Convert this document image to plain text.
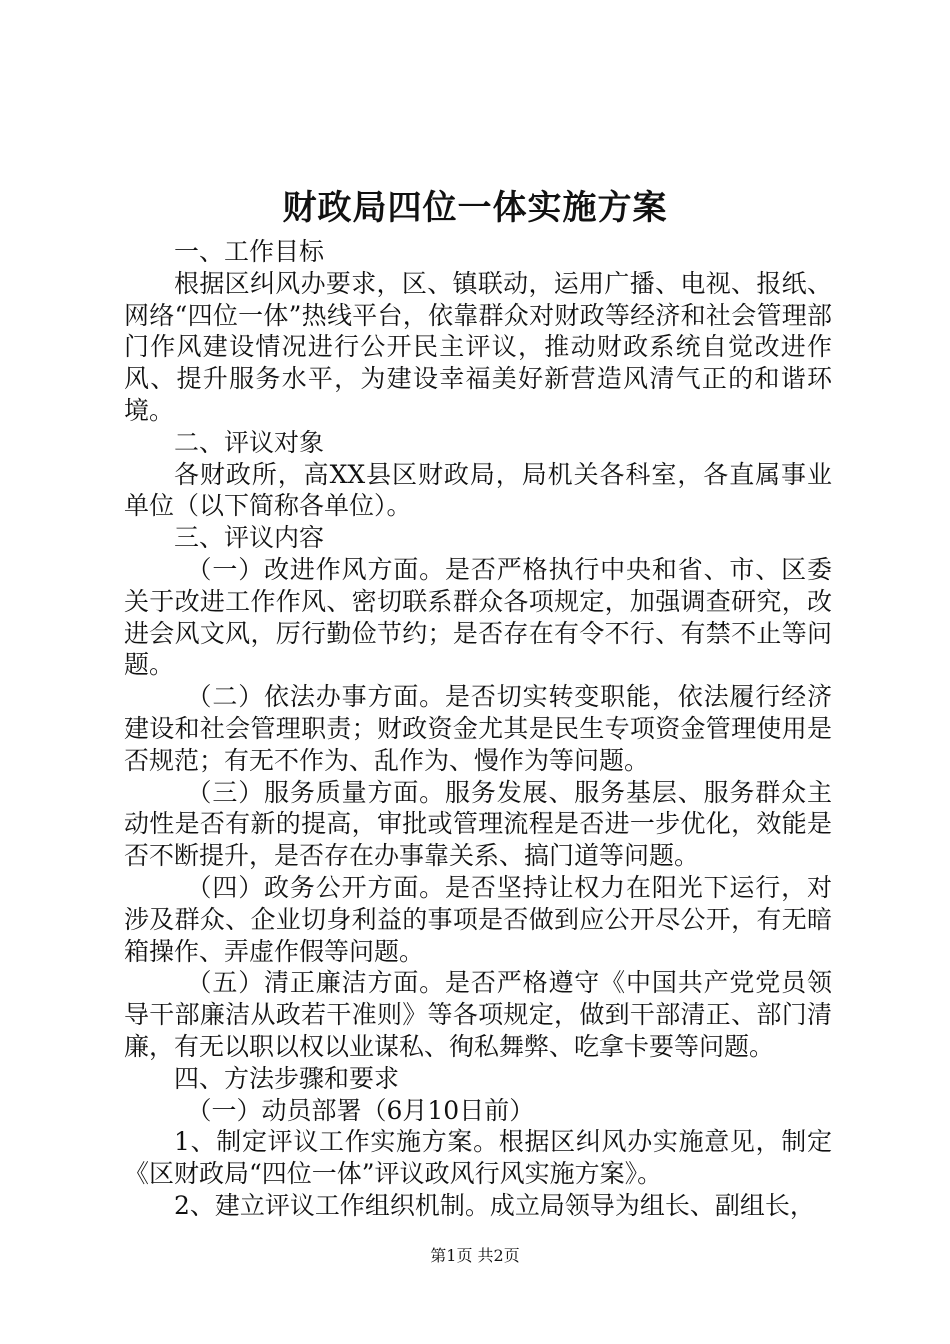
财政局四位一体实施方案

一、工作目标

根据区纠风办要求，区、镇联动，运用广播、电视、报纸、网络“四位一体”热线平台，依靠群众对财政等经济和社会管理部门作风建设情况进行公开民主评议，推动财政系统自觉改进作风、提升服务水平，为建设幸福美好新营造风清气正的和谐环境。

二、评议对象

各财政所，高XX县区财政局，局机关各科室，各直属事业单位（以下简称各单位）。

三、评议内容

（一）改进作风方面。是否严格执行中央和省、市、区委关于改进工作作风、密切联系群众各项规定，加强调查研究，改进会风文风，厉行勤俭节约；是否存在有令不行、有禁不止等问题。

（二）依法办事方面。是否切实转变职能，依法履行经济建设和社会管理职责；财政资金尤其是民生专项资金管理使用是否规范；有无不作为、乱作为、慢作为等问题。

（三）服务质量方面。服务发展、服务基层、服务群众主动性是否有新的提高，审批或管理流程是否进一步优化，效能是否不断提升，是否存在办事靠关系、搞门道等问题。

（四）政务公开方面。是否坚持让权力在阳光下运行，对涉及群众、企业切身利益的事项是否做到应公开尽公开，有无暗箱操作、弄虚作假等问题。

（五）清正廉洁方面。是否严格遵守《中国共产党党员领导干部廉洁从政若干准则》等各项规定，做到干部清正、部门清廉，有无以职以权以业谋私、徇私舞弊、吃拿卡要等问题。

四、方法步骤和要求

（一）动员部署（6月10日前）

1、制定评议工作实施方案。根据区纠风办实施意见，制定《区财政局“四位一体”评议政风行风实施方案》。

2、建立评议工作组织机制。成立局领导为组长、副组长，

第1页 共2页
